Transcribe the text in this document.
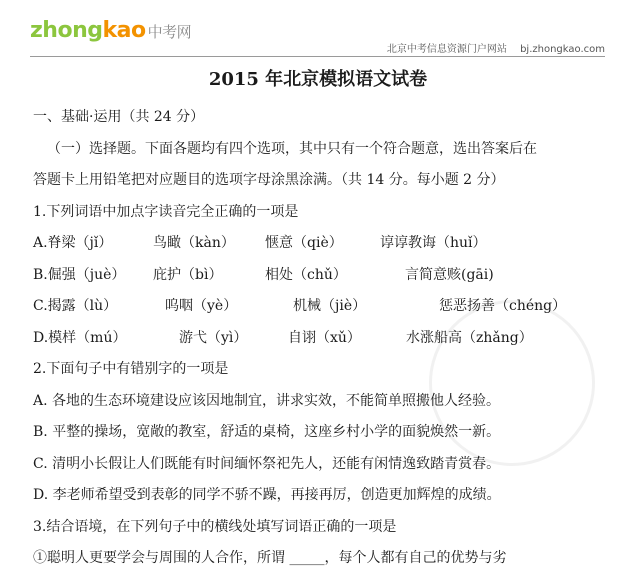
zhongkao 中考网
北京中考信息资源门户网站 bj.zhongkao.com
2015 年北京模拟语文试卷
一、基础·运用（共 24 分）
（一）选择题。下面各题均有四个选项，其中只有一个符合题意，选出答案后在
答题卡上用铅笔把对应题目的选项字母涂黑涂满。（共 14 分。每小题 2 分）
1.下列词语中加点字读音完全正确的一项是
A.脊梁（jǐ）	鸟瞰（kàn）	惬意（qiè）	谆谆教诲（huǐ）
B.倔强（juè）	庇护（bì）	相处（chǔ）	言简意赅(gāi)
C.揭露（lù）	呜咽（yè）	机械（jiè）	惩恶扬善（chéng）
D.模样（mú）	游弋（yì）	自诩（xǔ）	水涨船高（zhǎng）
2.下面句子中有错别字的一项是
A. 各地的生态环境建设应该因地制宜，讲求实效，不能简单照搬他人经验。
B. 平整的操场，宽敞的教室，舒适的桌椅，这座乡村小学的面貌焕然一新。
C. 清明小长假让人们既能有时间缅怀祭祀先人，还能有闲情逸致踏青赏春。
D. 李老师希望受到表彰的同学不骄不躁，再接再厉，创造更加辉煌的成绩。
3.结合语境，在下列句子中的横线处填写词语正确的一项是
①聪明人更要学会与周围的人合作，所谓 _____，每个人都有自己的优势与劣
